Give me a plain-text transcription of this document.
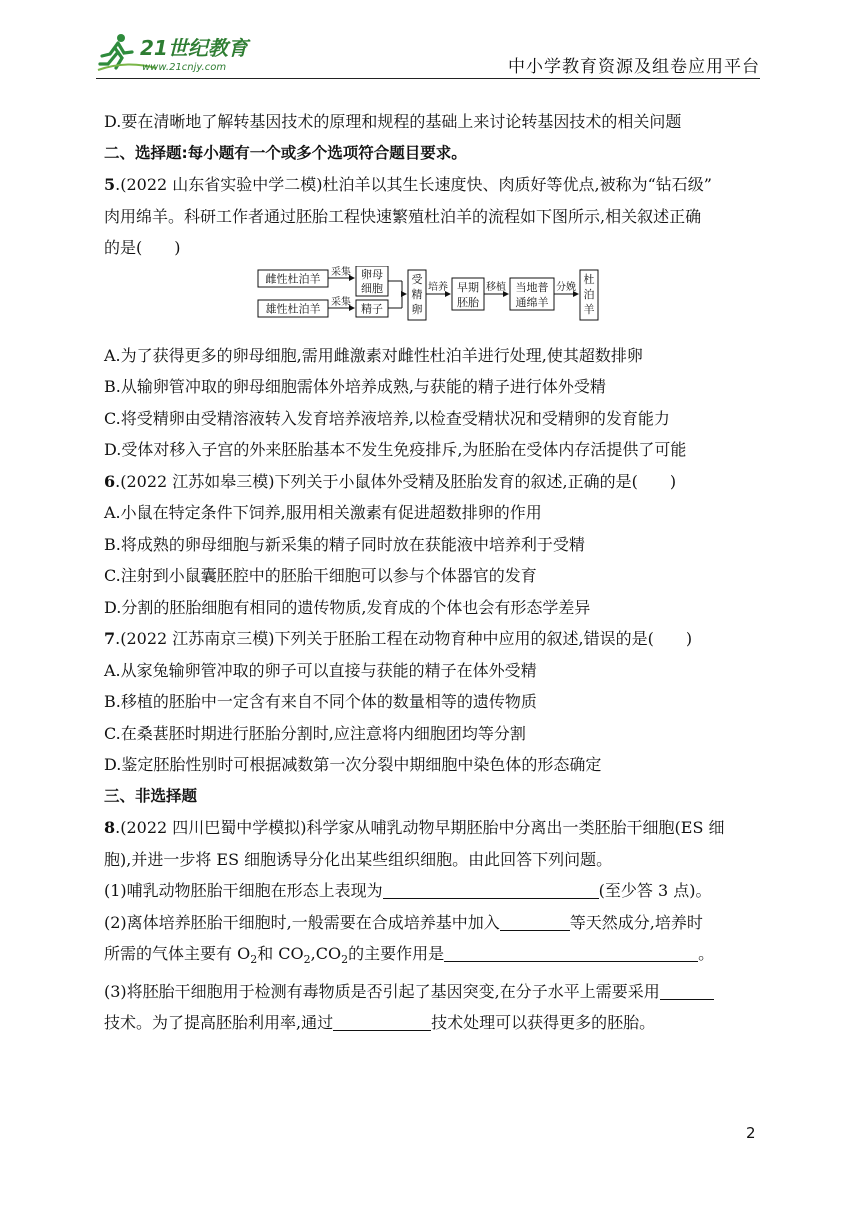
21世纪教育
www.21cnjy.com	中小学教育资源及组卷应用平台
D.要在清晰地了解转基因技术的原理和规程的基础上来讨论转基因技术的相关问题
二、选择题:每小题有一个或多个选项符合题目要求。
5.(2022 山东省实验中学二模)杜泊羊以其生长速度快、肉质好等优点,被称为“钻石级”
肉用绵羊。科研工作者通过胚胎工程快速繁殖杜泊羊的流程如下图所示,相关叙述正确
的是(　　)
雌性杜泊羊
雄性杜泊羊
采集
采集
卵母
细胞
精子
受
精
卵
培养 早期
胚胎
移植 当地普
通绵羊
分娩
杜
泊
羊
A.为了获得更多的卵母细胞,需用雌激素对雌性杜泊羊进行处理,使其超数排卵
B.从输卵管冲取的卵母细胞需体外培养成熟,与获能的精子进行体外受精
C.将受精卵由受精溶液转入发育培养液培养,以检查受精状况和受精卵的发育能力
D.受体对移入子宫的外来胚胎基本不发生免疫排斥,为胚胎在受体内存活提供了可能
6.(2022 江苏如皋三模)下列关于小鼠体外受精及胚胎发育的叙述,正确的是(　　)
A.小鼠在特定条件下饲养,服用相关激素有促进超数排卵的作用
B.将成熟的卵母细胞与新采集的精子同时放在获能液中培养利于受精
C.注射到小鼠囊胚腔中的胚胎干细胞可以参与个体器官的发育
D.分割的胚胎细胞有相同的遗传物质,发育成的个体也会有形态学差异
7.(2022 江苏南京三模)下列关于胚胎工程在动物育种中应用的叙述,错误的是(　　)
A.从家兔输卵管冲取的卵子可以直接与获能的精子在体外受精
B.移植的胚胎中一定含有来自不同个体的数量相等的遗传物质
C.在桑葚胚时期进行胚胎分割时,应注意将内细胞团均等分割
D.鉴定胚胎性别时可根据减数第一次分裂中期细胞中染色体的形态确定
三、非选择题
8.(2022 四川巴蜀中学模拟)科学家从哺乳动物早期胚胎中分离出一类胚胎干细胞(ES 细
胞),并进一步将 ES 细胞诱导分化出某些组织细胞。由此回答下列问题。
(1)哺乳动物胚胎干细胞在形态上表现为	(至少答 3 点)。
(2)离体培养胚胎干细胞时,一般需要在合成培养基中加入	等天然成分,培养时
所需的气体主要有 $O_2$和 $CO_2,CO_2$的主要作用是	。
(3)将胚胎干细胞用于检测有毒物质是否引起了基因突变,在分子水平上需要采用
技术。为了提高胚胎利用率,通过	技术处理可以获得更多的胚胎。
2
